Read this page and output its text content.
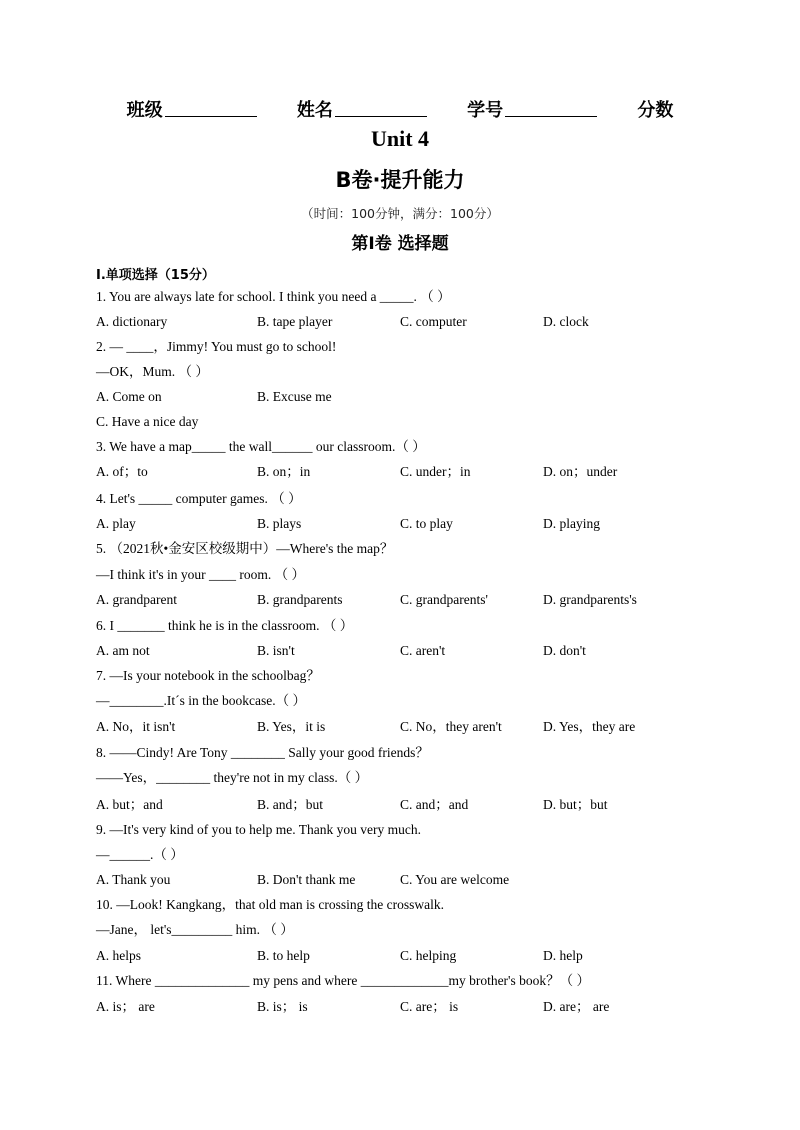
班级	姓名	学号	分数
Unit 4
B卷·提升能力
（时间：100分钟，满分：100分）
第Ⅰ卷 选择题
I.单项选择（15分）
1. You are always late for school. I think you need a _____. （ ）
A. dictionary	B. tape player	C. computer	D. clock
2. — ____，Jimmy! You must go to school!
—OK，Mum. （ ）
A. Come on	B. Excuse me
C. Have a nice day
3. We have a map_____ the wall______ our classroom.（ ）
A. of；to	B. on；in	C. under；in	D. on；under
4. Let's _____ computer games. （ ）
A. play	B. plays	C. to play	D. playing
5. （2021秋•金安区校级期中）—Where's the map？
—I think it's in your ____ room. （ ）
A. grandparent	B. grandparents	C. grandparents'	D. grandparents's
6. I _______ think he is in the classroom. （ ）
A. am not	B. isn't	C. aren't	D. don't
7. —Is your notebook in the schoolbag？
—________.It´s in the bookcase.（ ）
A. No，it isn't	B. Yes，it is	C. No，they aren't	D. Yes，they are
8. ——Cindy! Are Tony ________ Sally your good friends？
——Yes，________ they're not in my class.（ ）
A. but；and	B. and；but	C. and；and	D. but；but
9. —It's very kind of you to help me. Thank you very much.
—______.（ ）
A. Thank you	B. Don't thank me	C. You are welcome
10. —Look! Kangkang，that old man is crossing the crosswalk.
—Jane， let's_________ him. （ ）
A. helps	B. to help	C. helping	D. help
11. Where ______________ my pens and where _____________my brother's book？（ ）
A. is； are	B. is； is	C. are； is	D. are； are
